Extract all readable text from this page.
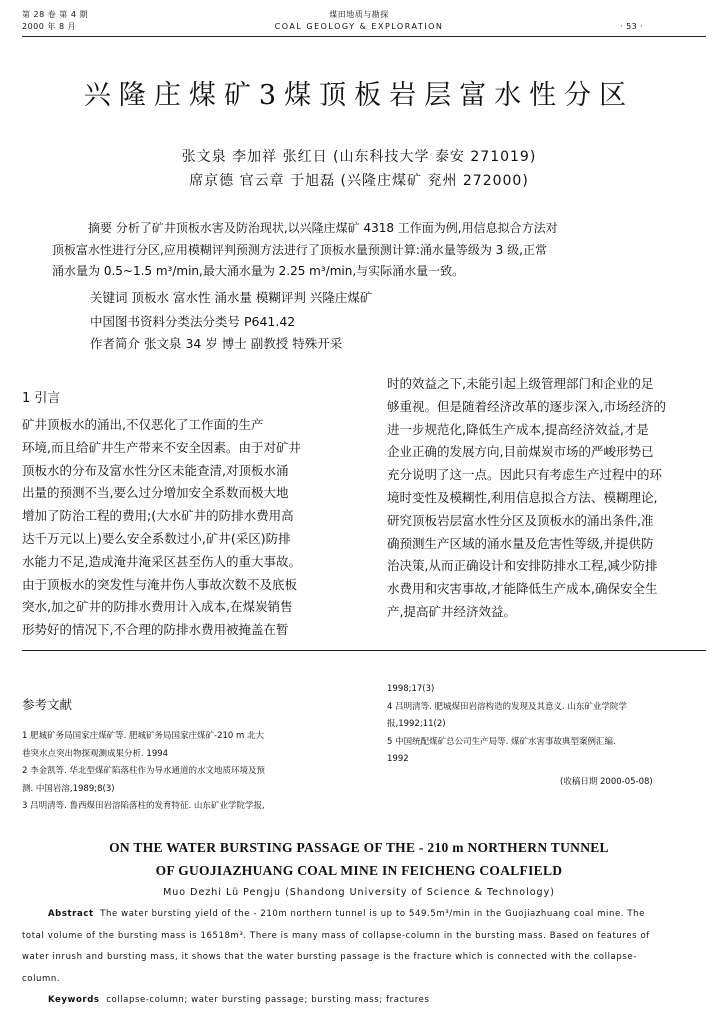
第 28 卷 第 4 期
2000 年 8 月
煤田地质与勘探
COAL GEOLOGY & EXPLORATION	· 53 ·
兴隆庄煤矿3煤顶板岩层富水性分区
张文泉 李加祥 张红日 (山东科技大学 泰安 271019)
席京德 官云章 于旭磊 (兴隆庄煤矿 兖州 272000)
摘要 分析了矿井顶板水害及防治现状,以兴隆庄煤矿 4318 工作面为例,用信息拟合方法对
顶板富水性进行分区,应用模糊评判预测方法进行了顶板水量预测计算:涌水量等级为 3 级,正常
涌水量为 0.5~1.5 m³/min,最大涌水量为 2.25 m³/min,与实际涌水量一致。
关键词 顶板水 富水性 涌水量 模糊评判 兴隆庄煤矿
中国图书资料分类法分类号 P641.42
作者简介 张文泉 34 岁 博士 副教授 特殊开采
1 引言
矿井顶板水的涌出,不仅恶化了工作面的生产
环境,而且给矿井生产带来不安全因素。由于对矿井
顶板水的分布及富水性分区未能查清,对顶板水涌
出量的预测不当,要么过分增加安全系数而极大地
增加了防治工程的费用;(大水矿井的防排水费用高
达千万元以上)要么安全系数过小,矿井(采区)防排
水能力不足,造成淹井淹采区甚至伤人的重大事故。
由于顶板水的突发性与淹井伤人事故次数不及底板
突水,加之矿井的防排水费用计入成本,在煤炭销售
形势好的情况下,不合理的防排水费用被掩盖在暂
时的效益之下,未能引起上级管理部门和企业的足
够重视。但是随着经济改革的逐步深入,市场经济的
进一步规范化,降低生产成本,提高经济效益,才是
企业正确的发展方向,目前煤炭市场的严峻形势已
充分说明了这一点。因此只有考虑生产过程中的环
境时变性及模糊性,利用信息拟合方法、模糊理论,
研究顶板岩层富水性分区及顶板水的涌出条件,准
确预测生产区域的涌水量及危害性等级,并提供防
治决策,从而正确设计和安排防排水工程,减少防排
水费用和灾害事故,才能降低生产成本,确保安全生
产,提高矿井经济效益。
参考文献
1 肥城矿务局国家庄煤矿等. 肥城矿务局国家庄煤矿-210 m 北大
巷突水点突出物探观测成果分析. 1994
2 李金凯等. 华北型煤矿陷落柱作为导水通道的水文地质环境及预
测. 中国岩溶,1989;8(3)
3 吕明清等. 鲁西煤田岩溶陷落柱的发育特征. 山东矿业学院学报,
1998;17(3)
4 吕明清等. 肥城煤田岩溶构造的发现及其意义. 山东矿业学院学
报,1992;11(2)
5 中国统配煤矿总公司生产局等. 煤矿水害事故典型案例汇编.
1992
(收稿日期 2000-05-08)
ON THE WATER BURSTING PASSAGE OF THE - 210 m NORTHERN TUNNEL
OF GUOJIAZHUANG COAL MINE IN FEICHENG COALFIELD
Muo Dezhi Lü Pengju (Shandong University of Science & Technology)
Abstract The water bursting yield of the - 210m northern tunnel is up to 549.5m³/min in the Guojiazhuang coal mine. The
total volume of the bursting mass is 16518m³. There is many mass of collapse-column in the bursting mass. Based on features of
water inrush and bursting mass, it shows that the water bursting passage is the fracture which is connected with the collapse-
column.
Keywords collapse-column; water bursting passage; bursting mass; fractures
